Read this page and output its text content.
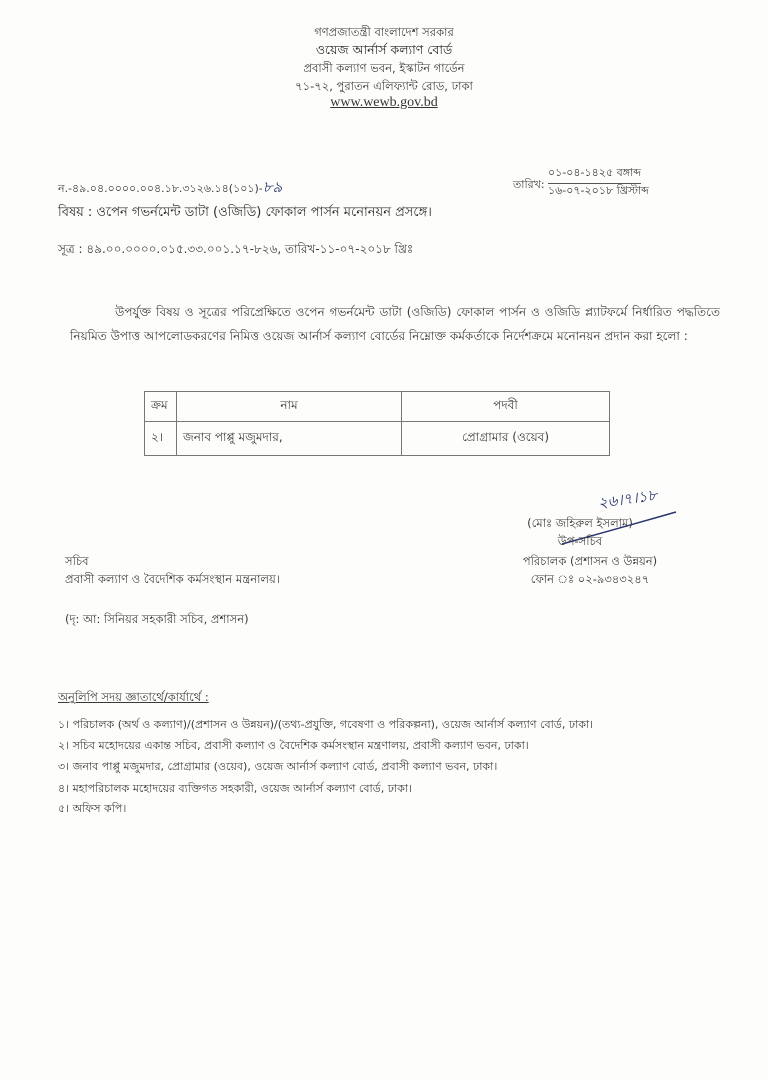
গণপ্রজাতন্ত্রী বাংলাদেশ সরকার
ওয়েজ আর্নার্স কল্যাণ বোর্ড
প্রবাসী কল্যাণ ভবন, ইস্কাটন গার্ডেন
৭১-৭২, পুরাতন এলিফ্যান্ট রোড, ঢাকা
www.wewb.gov.bd
ন.-৪৯.০৪.০০০০.০০৪.১৮.৩১২৬.১৪(১০১)-৮৯	তারিখ:
০১-০৪-১৪২৫ বঙ্গাব্দ
১৬-০৭-২০১৮ খ্রিস্টাব্দ
বিষয় : ওপেন গভর্নমেন্ট ডাটা (ওজিডি) ফোকাল পার্সন মনোনয়ন প্রসঙ্গে।
সূত্র : ৪৯.০০.০০০০.০১৫.৩৩.০০১.১৭-৮২৬, তারিখ-১১-০৭-২০১৮ খ্রিঃ
উপর্যুক্ত বিষয় ও সূত্রের পরিপ্রেক্ষিতে ওপেন গভর্নমেন্ট ডাটা (ওজিডি) ফোকাল পার্সন ও ওজিডি প্ল্যাটফর্মে নির্ধারিত পদ্ধতিতে নিয়মিত উপাত্ত আপলোডকরণের নিমিত্ত ওয়েজ আর্নার্স কল্যাণ বোর্ডের নিম্নোক্ত কর্মকর্তাকে নির্দেশক্রমে মনোনয়ন প্রদান করা হলো :
ক্রম	নাম	পদবী
২।	জনাব পাপ্পু মজুমদার,	প্রোগ্রামার (ওয়েব)
২৬।৭।১৮
(মোঃ জহিরুল ইসলাম)
উপ-সচিব
পরিচালক (প্রশাসন ও উন্নয়ন)
ফোন ঃ ০২-৯৩৪৩২৪৭
সচিব
প্রবাসী কল্যাণ ও বৈদেশিক কর্মসংস্থান মন্ত্রনালয়।
(দৃ: আ: সিনিয়র সহকারী সচিব, প্রশাসন)
অনুলিপি সদয় জ্ঞাতার্থে/কার্যার্থে :
১। পরিচালক (অর্থ ও কল্যাণ)/(প্রশাসন ও উন্নয়ন)/(তথ্য-প্রযুক্তি, গবেষণা ও পরিকল্পনা), ওয়েজ আর্নার্স কল্যাণ বোর্ড, ঢাকা।
২। সচিব মহোদয়ের একান্ত সচিব, প্রবাসী কল্যাণ ও বৈদেশিক কর্মসংস্থান মন্ত্রণালয়, প্রবাসী কল্যাণ ভবন, ঢাকা।
৩। জনাব পাপ্পু মজুমদার, প্রোগ্রামার (ওয়েব), ওয়েজ আর্নার্স কল্যাণ বোর্ড, প্রবাসী কল্যাণ ভবন, ঢাকা।
৪। মহাপরিচালক মহোদয়ের ব্যক্তিগত সহকারী, ওয়েজ আর্নার্স কল্যাণ বোর্ড, ঢাকা।
৫। অফিস কপি।
